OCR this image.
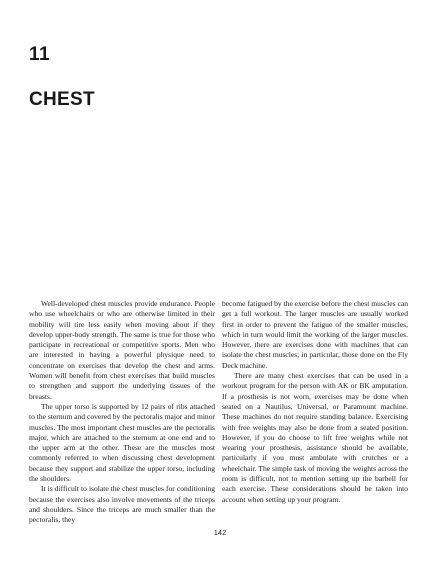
11
CHEST

Well-developed chest muscles provide endurance. People who use wheelchairs or who are otherwise limited in their mobility will tire less easily when moving about if they develop upper-body strength. The same is true for those who participate in recreational or competitive sports. Men who are interested in having a powerful physique need to concentrate on exercises that develop the chest and arms. Women will benefit from chest exercises that build muscles to strengthen and support the underlying tissues of the breasts.

The upper torso is supported by 12 pairs of ribs attached to the sternum and covered by the pectoralis major and minor muscles. The most important chest muscles are the pectoralis major, which are attached to the sternum at one end and to the upper arm at the other. These are the muscles most commonly referred to when discussing chest development because they support and stabilize the upper torso, including the shoulders.

It is difficult to isolate the chest muscles for conditioning because the exercises also involve movements of the triceps and shoulders. Since the triceps are much smaller than the pectoralis, they

become fatigued by the exercise before the chest muscles can get a full workout. The larger muscles are usually worked first in order to prevent the fatigue of the smaller muscles, which in turn would limit the working of the larger muscles. However, there are exercises done with machines that can isolate the chest muscles; in particular, those done on the Fly Deck machine.

There are many chest exercises that can be used in a workout program for the person with AK or BK amputation. If a prosthesis is not worn, exercises may be done when seated on a Nautilus, Universal, or Paramount machine. These machines do not require standing balance. Exercising with free weights may also be done from a seated position. However, if you do choose to lift free weights while not wearing your prosthesis, assistance should be available, particularly if you must ambulate with crutches or a wheelchair. The simple task of moving the weights across the room is difficult, not to mention setting up the barbell for each exercise. These considerations should be taken into account when setting up your program.

142
